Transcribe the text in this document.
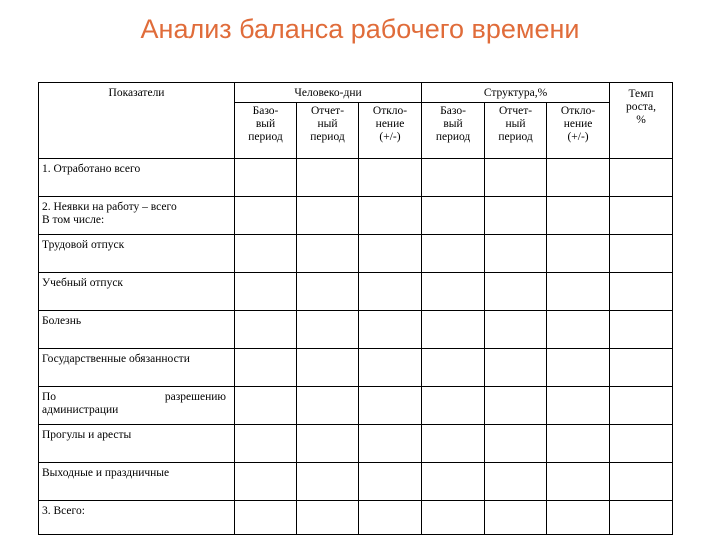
Анализ баланса рабочего времени
Показатели	Человеко-дни			Структура,%			Темп
роста,
%

	Базо-
вый
период	Отчет-
ный
период	Откло-
нение
(+/-)	Базо-
вый
период	Отчет-
ный
период	Откло-
нение
(+/-)	

1. Отработано всего							

2. Неявки на работу – всего
В том числе:							

Трудовой отпуск							

Учебный отпуск							

Болезнь							

Государственные обязанности							

По разрешению
администрации							

Прогулы и аресты							

Выходные и праздничные							

3. Всего:							
